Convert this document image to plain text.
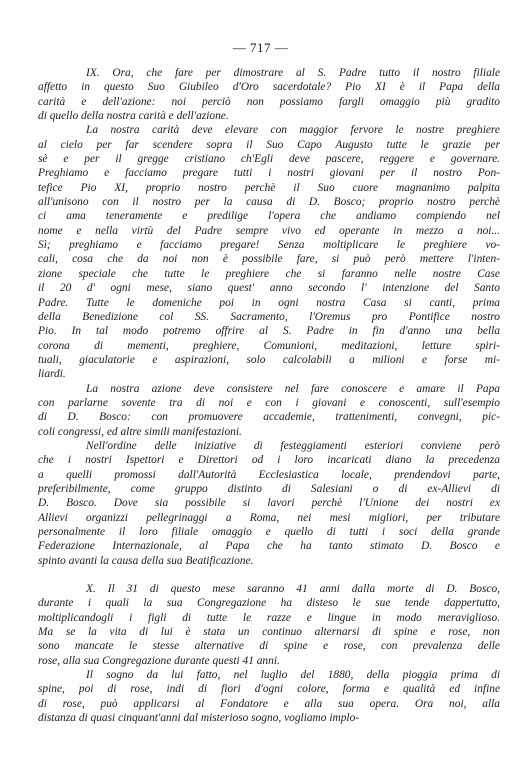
— 717 —

IX. Ora, che fare per dimostrare al S. Padre tutto il nostro filiale
affetto in questo Suo Giubileo d'Oro sacerdotale? Pio XI è il Papa della
carità e dell'azione: noi perciò non possiamo fargli omaggio più gradito
di quello della nostra carità e dell'azione.

La nostra carità deve elevare con maggior fervore le nostre preghiere
al cielo per far scendere sopra il Suo Capo Augusto tutte le grazie per
sè e per il gregge cristiano ch'Egli deve pascere, reggere e governare.
Preghiamo e facciamo pregare tutti i nostri giovani per il nostro Pon-
tefice Pio XI, proprio nostro perchè il Suo cuore magnanimo palpita
all'unisono con il nostro per la causa di D. Bosco; proprio nostro perchè
ci ama teneramente e predilige l'opera che andiamo compiendo nel
nome e nella virtù del Padre sempre vivo ed operante in mezzo a noi...
Sì; preghiamo e facciamo pregare! Senza moltiplicare le preghiere vo-
cali, cosa che da noi non è possibile fare, si può però mettere l'inten-
zione speciale che tutte le preghiere che si faranno nelle nostre Case
il 20 d' ogni mese, siano quest' anno secondo l' intenzione del Santo
Padre. Tutte le domeniche poi in ogni nostra Casa si canti, prima
della Benedizione col SS. Sacramento, l'Oremus pro Pontifice nostro
Pio. In tal modo potremo offrire al S. Padre in fin d'anno una bella
corona di mementi, preghiere, Comunioni, meditazioni, letture spiri-
tuali, giaculatorie e aspirazioni, solo calcolabili a milioni e forse mi-
liardi.

La nostra azione deve consistere nel fare conoscere e amare il Papa
con parlarne sovente tra di noi e con i giovani e conoscenti, sull'esempio
di D. Bosco: con promuovere accademie, trattenimenti, convegni, pic-
coli congressi, ed altre simili manifestazioni.

Nell'ordine delle iniziative di festeggiamenti esteriori conviene però
che i nostri Ispettori e Direttori od i loro incaricati diano la precedenza
a quelli promossi dall'Autorità Ecclesiastica locale, prendendovi parte,
preferibilmente, come gruppo distinto di Salesiani o di ex-Allievi di
D. Bosco. Dove sia possibile si lavori perchè l'Unione dei nostri ex
Allievi organizzi pellegrinaggi a Roma, nei mesi migliori, per tributare
personalmente il loro filiale omaggio e quello di tutti i soci della grande
Federazione Internazionale, al Papa che ha tanto stimato D. Bosco e
spinto avanti la causa della sua Beatificazione.

X. Il 31 di questo mese saranno 41 anni dalla morte di D. Bosco,
durante i quali la sua Congregazione ha disteso le sue tende dappertutto,
moltiplicandogli i figli di tutte le razze e lingue in modo meraviglioso.
Ma se la vita di lui è stata un continuo alternarsi di spine e rose, non
sono mancate le stesse alternative di spine e rose, con prevalenza delle
rose, alla sua Congregazione durante questi 41 anni.

Il sogno da lui fatto, nel luglio del 1880, della pioggia prima di
spine, poi di rose, indi di fiori d'ogni colore, forma e qualità ed infine
di rose, può applicarsi al Fondatore e alla sua opera. Ora noi, alla
distanza di quasi cinquant'anni dal misterioso sogno, vogliamo implo-
